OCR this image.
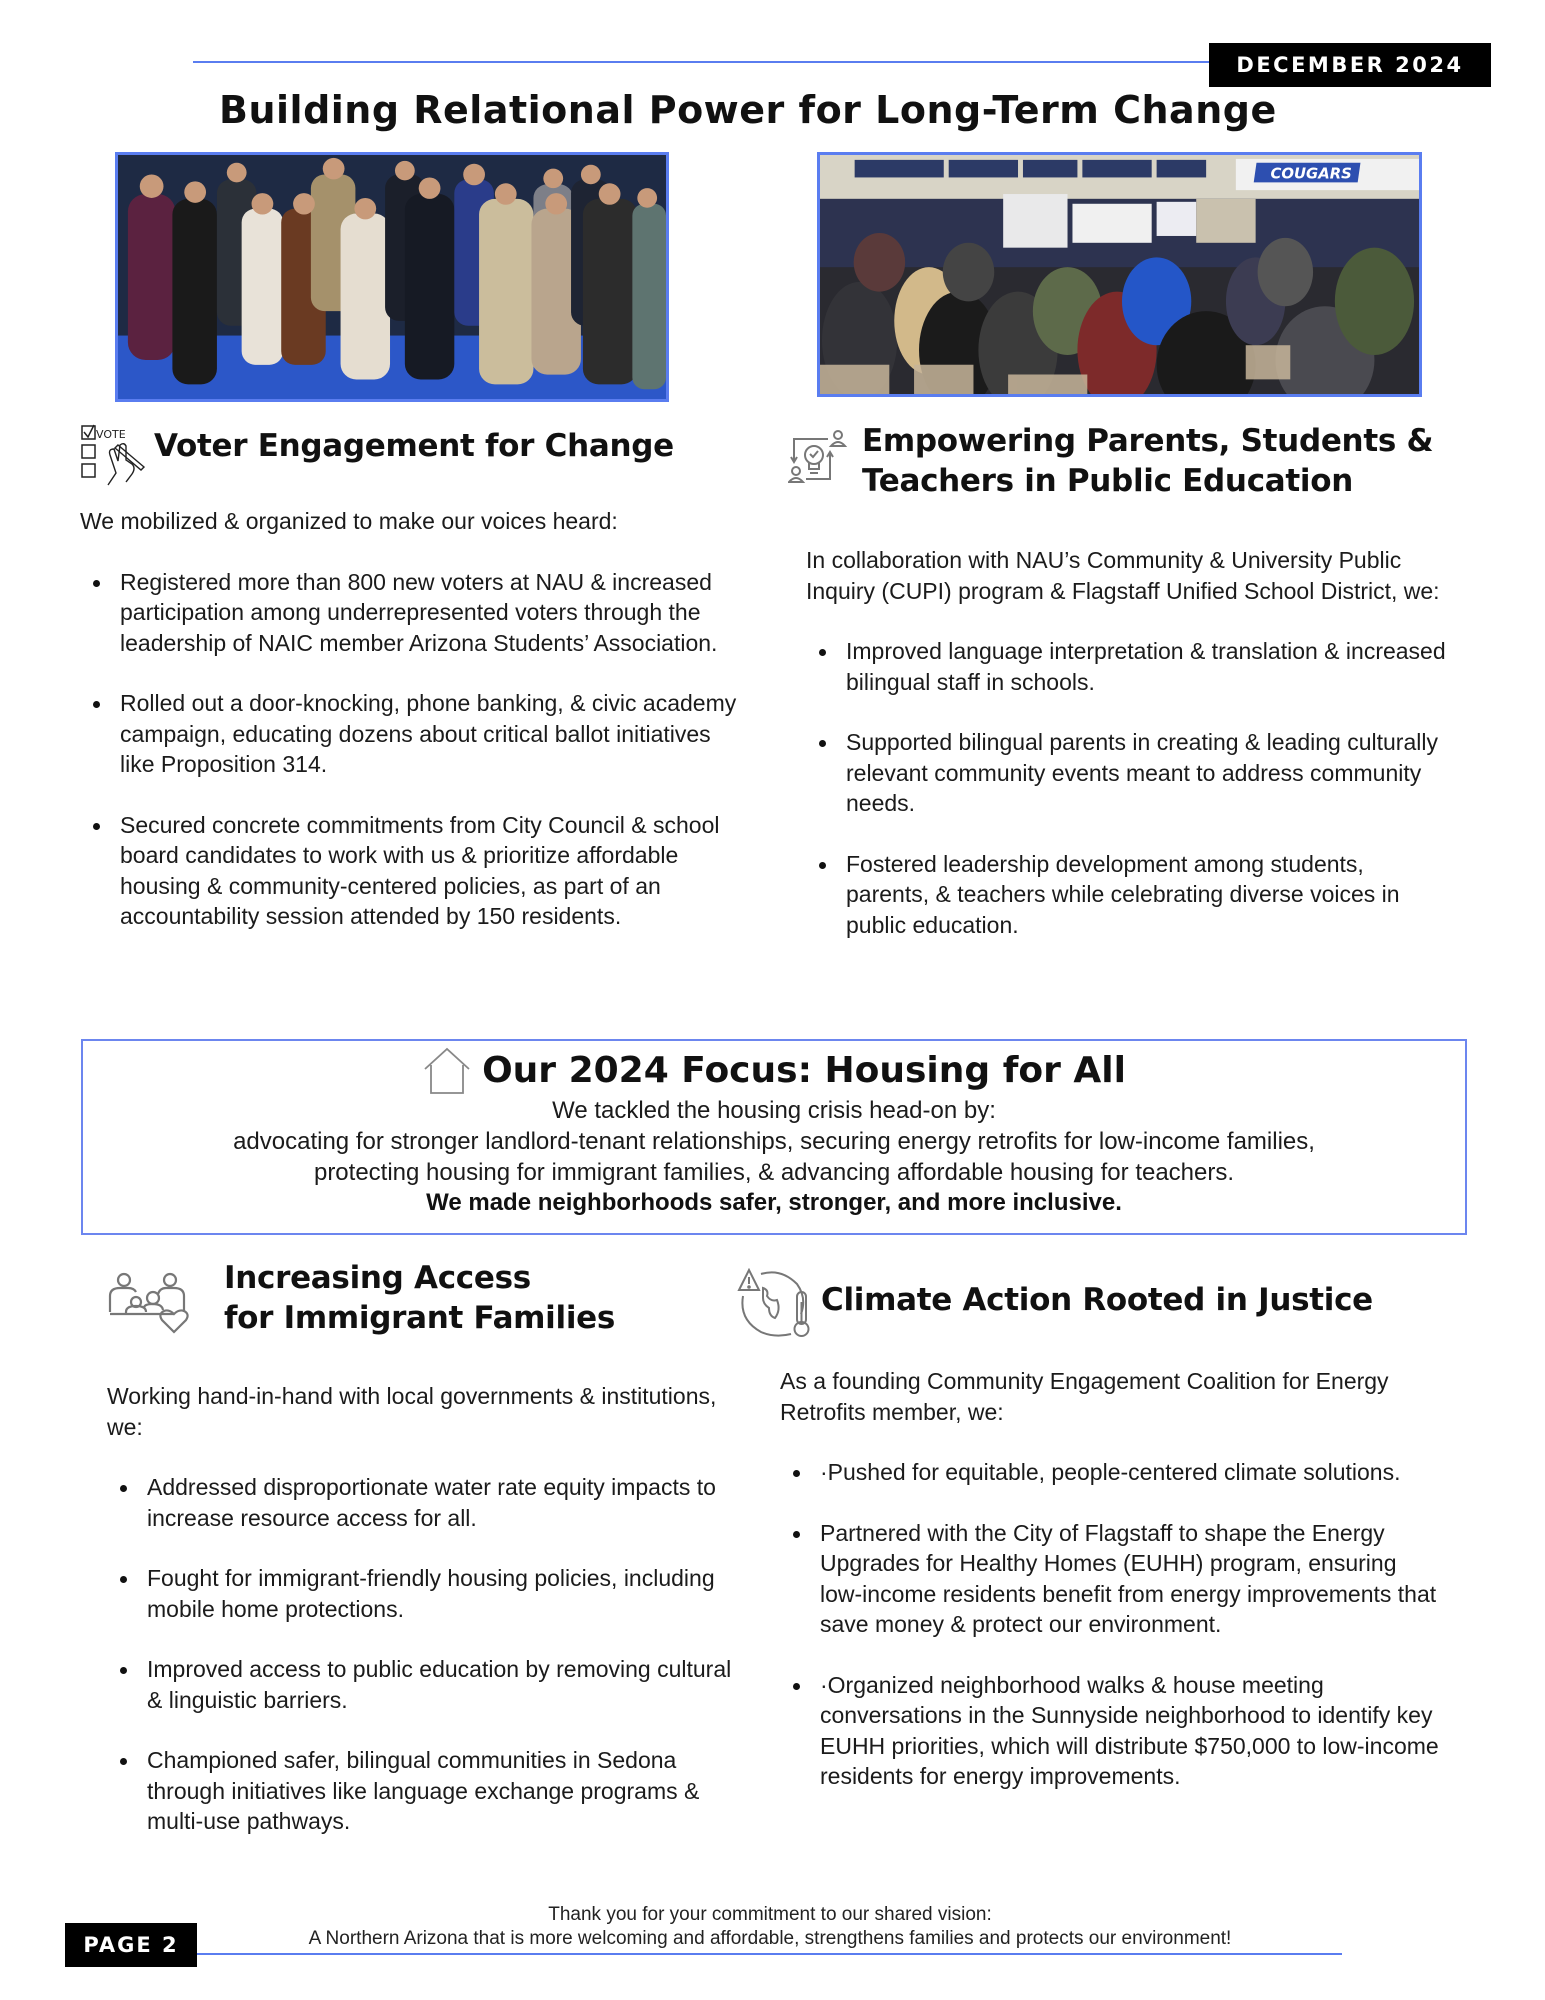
DECEMBER 2024
Building Relational Power for Long-Term Change
COUGARS
VOTE Voter Engagement for Change

We mobilized & organized to make our voices heard:

Registered more than 800 new voters at NAU & increased participation among underrepresented voters through the leadership of NAIC member Arizona Students’ Association.
Rolled out a door-knocking, phone banking, & civic academy campaign, educating dozens about critical ballot initiatives like Proposition 314.
Secured concrete commitments from City Council & school board candidates to work with us & prioritize affordable housing & community-centered policies, as part of an accountability session attended by 150 residents.
Empowering Parents, Students &
Teachers in Public Education

In collaboration with NAU’s Community & University Public Inquiry (CUPI) program & Flagstaff Unified School District, we:

Improved language interpretation & translation & increased bilingual staff in schools.
Supported bilingual parents in creating & leading culturally relevant community events meant to address community needs.
Fostered leadership development among students, parents, & teachers while celebrating diverse voices in public education.
Our 2024 Focus: Housing for All
We tackled the housing crisis head-on by:
advocating for stronger landlord-tenant relationships, securing energy retrofits for low-income families,
protecting housing for immigrant families, & advancing affordable housing for teachers.
We made neighborhoods safer, stronger, and more inclusive.
Increasing Access
for Immigrant Families

Working hand-in-hand with local governments & institutions, we:

Addressed disproportionate water rate equity impacts to increase resource access for all.
Fought for immigrant-friendly housing policies, including mobile home protections.
Improved access to public education by removing cultural & linguistic barriers.
Championed safer, bilingual communities in Sedona through initiatives like language exchange programs & multi-use pathways.
Climate Action Rooted in Justice

As a founding Community Engagement Coalition for Energy Retrofits member, we:

·Pushed for equitable, people-centered climate solutions.
Partnered with the City of Flagstaff to shape the Energy Upgrades for Healthy Homes (EUHH) program, ensuring low-income residents benefit from energy improvements that save money & protect our environment.
·Organized neighborhood walks & house meeting conversations in the Sunnyside neighborhood to identify key EUHH priorities, which will distribute $750,000 to low-income residents for energy improvements.
PAGE 2
Thank you for your commitment to our shared vision:
A Northern Arizona that is more welcoming and affordable, strengthens families and protects our environment!
